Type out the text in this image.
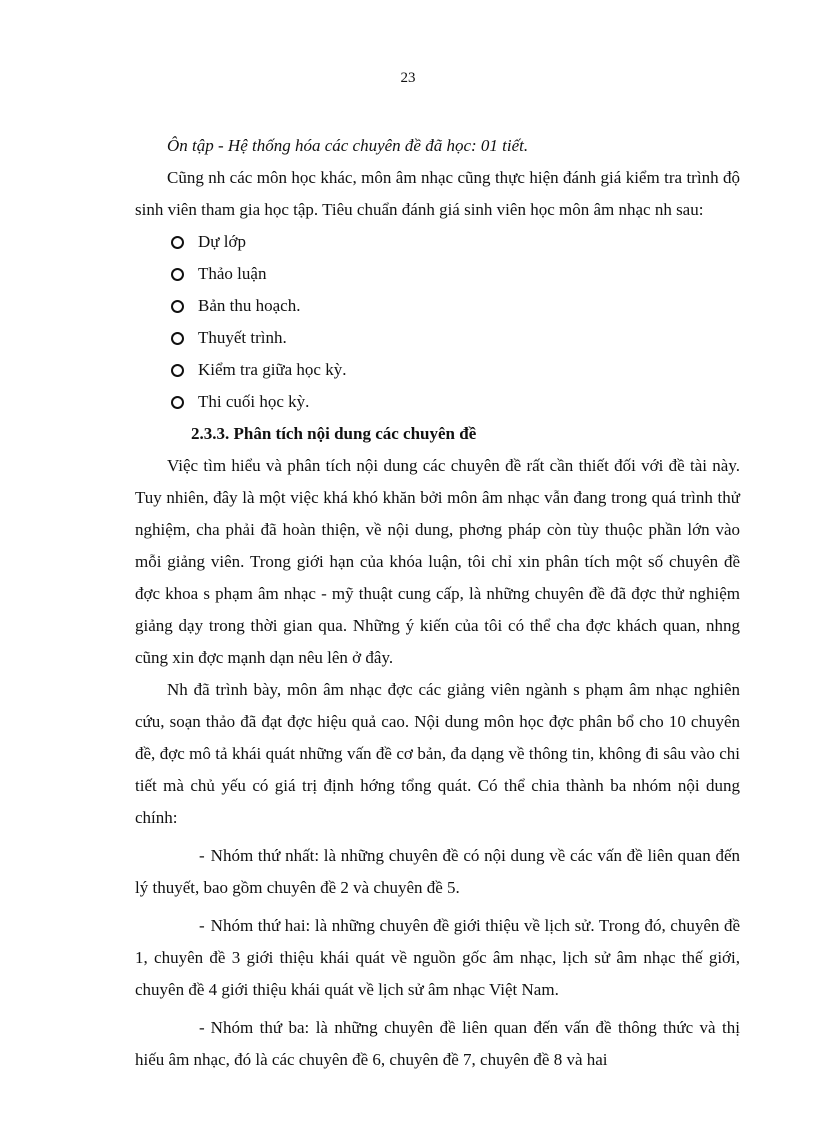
23

Ôn tập - Hệ thống hóa các chuyên đề đã học: 01 tiết.

Cũng nh các môn học khác, môn âm nhạc cũng thực hiện đánh giá kiểm tra trình độ sinh viên tham gia học tập. Tiêu chuẩn đánh giá sinh viên học môn âm nhạc nh sau:

Dự lớp
Thảo luận
Bản thu hoạch.
Thuyết trình.
Kiểm tra giữa học kỳ.
Thi cuối học kỳ.

2.3.3. Phân tích nội dung các chuyên đề

Việc tìm hiểu và phân tích nội dung các chuyên đề rất cần thiết đối với đề tài này. Tuy nhiên, đây là một việc khá khó khăn bởi môn âm nhạc vẫn đang trong quá trình thử nghiệm, cha phải đã hoàn thiện, về nội dung, phơng pháp còn tùy thuộc phần lớn vào mỗi giảng viên. Trong giới hạn của khóa luận, tôi chỉ xin phân tích một số chuyên đề đợc khoa s phạm âm nhạc - mỹ thuật cung cấp, là những chuyên đề đã đợc thử nghiệm giảng dạy trong thời gian qua. Những ý kiến của tôi có thể cha đợc khách quan, nhng cũng xin đợc mạnh dạn nêu lên ở đây.

Nh đã trình bày, môn âm nhạc đợc các giảng viên ngành s phạm âm nhạc nghiên cứu, soạn thảo đã đạt đợc hiệu quả cao. Nội dung môn học đợc phân bổ cho 10 chuyên đề, đợc mô tả khái quát những vấn đề cơ bản, đa dạng về thông tin, không đi sâu vào chi tiết mà chủ yếu có giá trị định hớng tổng quát. Có thể chia thành ba nhóm nội dung chính:

- Nhóm thứ nhất: là những chuyên đề có nội dung về các vấn đề liên quan đến lý thuyết, bao gồm chuyên đề 2 và chuyên đề 5.

- Nhóm thứ hai: là những chuyên đề giới thiệu về lịch sử. Trong đó, chuyên đề 1, chuyên đề 3 giới thiệu khái quát về nguồn gốc âm nhạc, lịch sử âm nhạc thế giới, chuyên đề 4 giới thiệu khái quát về lịch sử âm nhạc Việt Nam.

- Nhóm thứ ba: là những chuyên đề liên quan đến vấn đề thông thức và thị hiếu âm nhạc, đó là các chuyên đề 6, chuyên đề 7, chuyên đề 8 và hai
